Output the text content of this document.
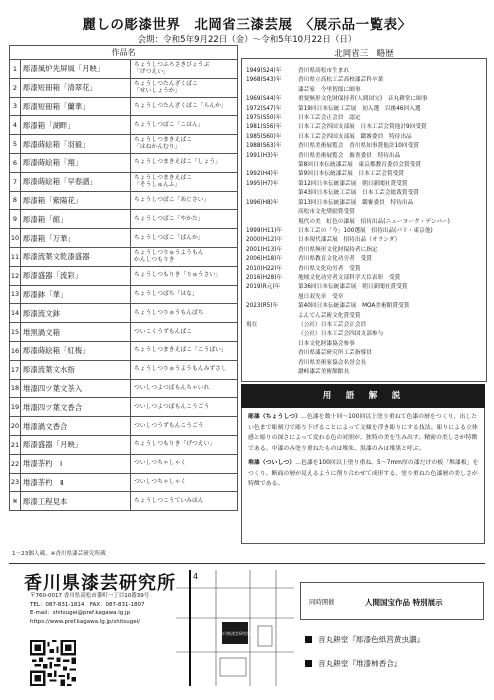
麗しの彫漆世界　北岡省三漆芸展　〈展示品一覧表〉
会期：令和5年9月22日（金）〜令和5年10月22日（日）
作品名		
1	彫漆風炉先屏風「月映」	ちょうしつふろさきびょうぶ
「げつえい」

2	彫漆短冊箱「清翠花」	ちょうしつたんざくばこ
「せいしょうか」

3	彫漆短冊箱「蘭華」	ちょうしつたんざくばこ「らんか」

4	彫漆箱「湖畔」	ちょうしつばこ「こはん」

5	彫漆蒔絵箱「羽毅」	ちょうしつまきえばこ
「はねかんむり」

6	彫漆蒔絵箱「翔」	ちょうしつまきえばこ「しょう」

7	彫漆蒔絵箱「早春譜」	ちょうしつまきえばこ
「そうしゅんふ」

8	彫漆箱「紫陽花」	ちょうしつばこ「あじさい」

9	彫漆箱「館」	ちょうしつばこ「やかた」

10	彫漆箱「万華」	ちょうしつばこ「ばんか」

11	彫漆流葉文乾漆盛器	ちょうしつりゅうようもん
かんしつもりき

12	彫漆盛器「流彩」	ちょうしつもりき「りゅうさい」

13	彫漆鉢「華」	ちょうしつばち「はな」

14	彫漆流文鉢	ちょうしつりゅうもんばち

15	堆黒渦文箱	ついこくうずもんばこ

16	彫漆蒔絵箱「紅梅」	ちょうしつまきえばこ「こうばい」

17	彫漆流葉文水指	ちょうしつりゅうようもんみずさし

18	堆漆四ツ葉文茶入	ついしつよつばもんちゃいれ

19	堆漆四ツ葉文香合	ついしつよつばもんこうごう

20	堆漆渦文香合	ついしつうずもんこうごう

21	彫漆盛器「月映」	ちょうしつもりき「げつえい」

22	堆漆茶杓　Ⅰ	ついしつちゃしゃく

23	堆漆茶杓　Ⅱ	ついしつちゃしゃく

※	彫漆工程見本	ちょうしつこうていみほん
1〜23個人蔵、※香川県漆芸研究所蔵
北岡省三　略歴
1949(S24)年	香川県高松市生まれ
1968(S43)年	香川県立高松工芸高校漆芸科卒業
漆芸家　今里智郎に師事
1969(S44)年	重要無形文化財保持者(人間国宝)　音丸耕堂に師事
1972(S47)年	第19回日本伝統工芸展　初入選　以後46回入選
1975(S50)年	日本工芸会正会員　認定
1981(S56)年	日本工芸会四国支部展　日本工芸会賞他計9回受賞
1985(S60)年	日本工芸会四国支部展　鑑審委員　特待出品
1988(S63)年	香川県美術展覧会　香川県知事賞他計10回受賞
1991(H3)年	香川県美術展覧会　審査委員　特待出品
第8回日本伝統漆芸展　東京都教育委員会賞受賞
1992(H4)年	第9回日本伝統漆芸展　日本工芸会賞受賞
1995(H7)年	第12回日本伝統漆芸展　朝日新聞社賞受賞
第43回日本伝統工芸展　日本工芸会総裁賞受賞
1996(H8)年	第13回日本伝統漆芸展　鑑審委員　特待出品
高松市文化奨励賞受賞
現代の美　虹色の漆展　招待出品(ニューヨーク・デンバー)
1999(H11)年	日本工芸の「今」100選展　招待出品(パリ・東京他)
2000(H12)年	日本現代漆芸展　招待出品（オランダ）
2001(H13)年	香川県無形文化財保持者に指定
2006(H18)年	香川県教育文化功労者　受賞
2010(H22)年	香川県文化功労者　受賞
2016(H28)年	地域文化功労者文部科学大臣表彰　受賞
2019(R元)年	第36回日本伝統漆芸展　朝日新聞社賞受賞
旭日双光章　受章
2023(R5)年	第40回日本伝統漆芸展　MOA美術館賞受賞
よんでん芸術文化賞受賞
現在	（公社）日本工芸会正会員
（公社）日本工芸会四国支部参与
日本文化財漆協会参事
香川県漆芸研究所工芸指導員
香川県美術家協会名誉会長
讃岐漆芸美術館館長
用　語　解　説

彫漆（ちょうしつ）…色漆を数十回〜100回以上塗り重ねて色漆の層をつくり、出したい色まで彫刻刀で彫り下げることによって文様を浮き彫りにする技法。彫りによる立体感と彫りの深さによって変わる色の対照が、独特の美を生み出す。精密の美しさが特徴である。中漆のみ塗り重ねたものは堆朱、黒漆のみは堆黒と呼ぶ。

堆漆（ついしつ）…色漆を100回以上塗り重ね、5〜7mm厚の漆だけの板「堆漆板」をつくり、断面の層が見えるように削り合わせて成形する。塗り重ねた色漆層の美しさが特徴である。

香川県漆芸研究所
〒760-0017 香川県高松市番町一丁目10番39号
TEL：087-831-1814　FAX：087-831-1807
E-mail：shitsugei@pref.kagawa.lg.jp
https://www.pref.kagawa.lg.jp/shitsugei/
4
香川県漆芸研究所
同時開催	人間国宝作品 特別展示
音丸耕堂『彫漆色紙筥黄虫讃』
音丸耕堂『堆漆柿香合』
